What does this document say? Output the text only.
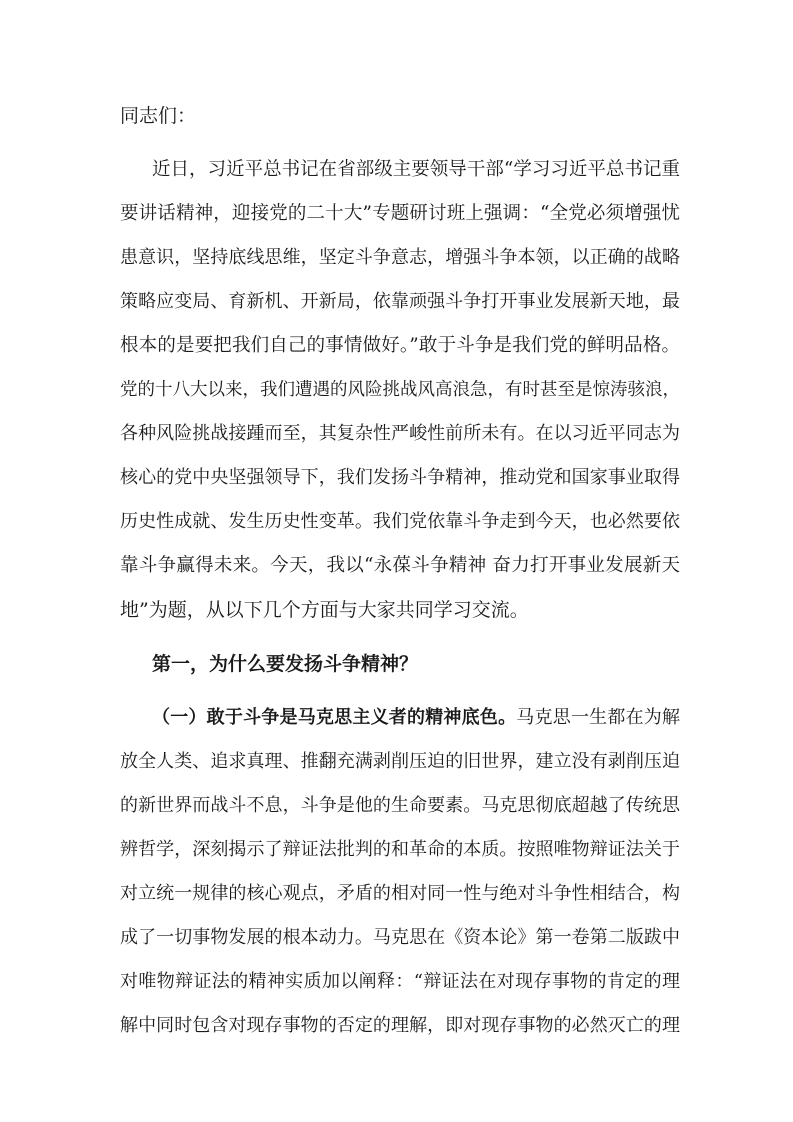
同志们：
近日，习近平总书记在省部级主要领导干部“学习习近平总书记重
要讲话精神，迎接党的二十大”专题研讨班上强调：“全党必须增强忧
患意识，坚持底线思维，坚定斗争意志，增强斗争本领，以正确的战略
策略应变局、育新机、开新局，依靠顽强斗争打开事业发展新天地，最
根本的是要把我们自己的事情做好。”敢于斗争是我们党的鲜明品格。
党的十八大以来，我们遭遇的风险挑战风高浪急，有时甚至是惊涛骇浪，
各种风险挑战接踵而至，其复杂性严峻性前所未有。在以习近平同志为
核心的党中央坚强领导下，我们发扬斗争精神，推动党和国家事业取得
历史性成就、发生历史性变革。我们党依靠斗争走到今天，也必然要依
靠斗争赢得未来。今天，我以“永葆斗争精神 奋力打开事业发展新天
地”为题，从以下几个方面与大家共同学习交流。
第一，为什么要发扬斗争精神？
（一）敢于斗争是马克思主义者的精神底色。马克思一生都在为解
放全人类、追求真理、推翻充满剥削压迫的旧世界，建立没有剥削压迫
的新世界而战斗不息，斗争是他的生命要素。马克思彻底超越了传统思
辨哲学，深刻揭示了辩证法批判的和革命的本质。按照唯物辩证法关于
对立统一规律的核心观点，矛盾的相对同一性与绝对斗争性相结合，构
成了一切事物发展的根本动力。马克思在《资本论》第一卷第二版跋中
对唯物辩证法的精神实质加以阐释：“辩证法在对现存事物的肯定的理
解中同时包含对现存事物的否定的理解，即对现存事物的必然灭亡的理
